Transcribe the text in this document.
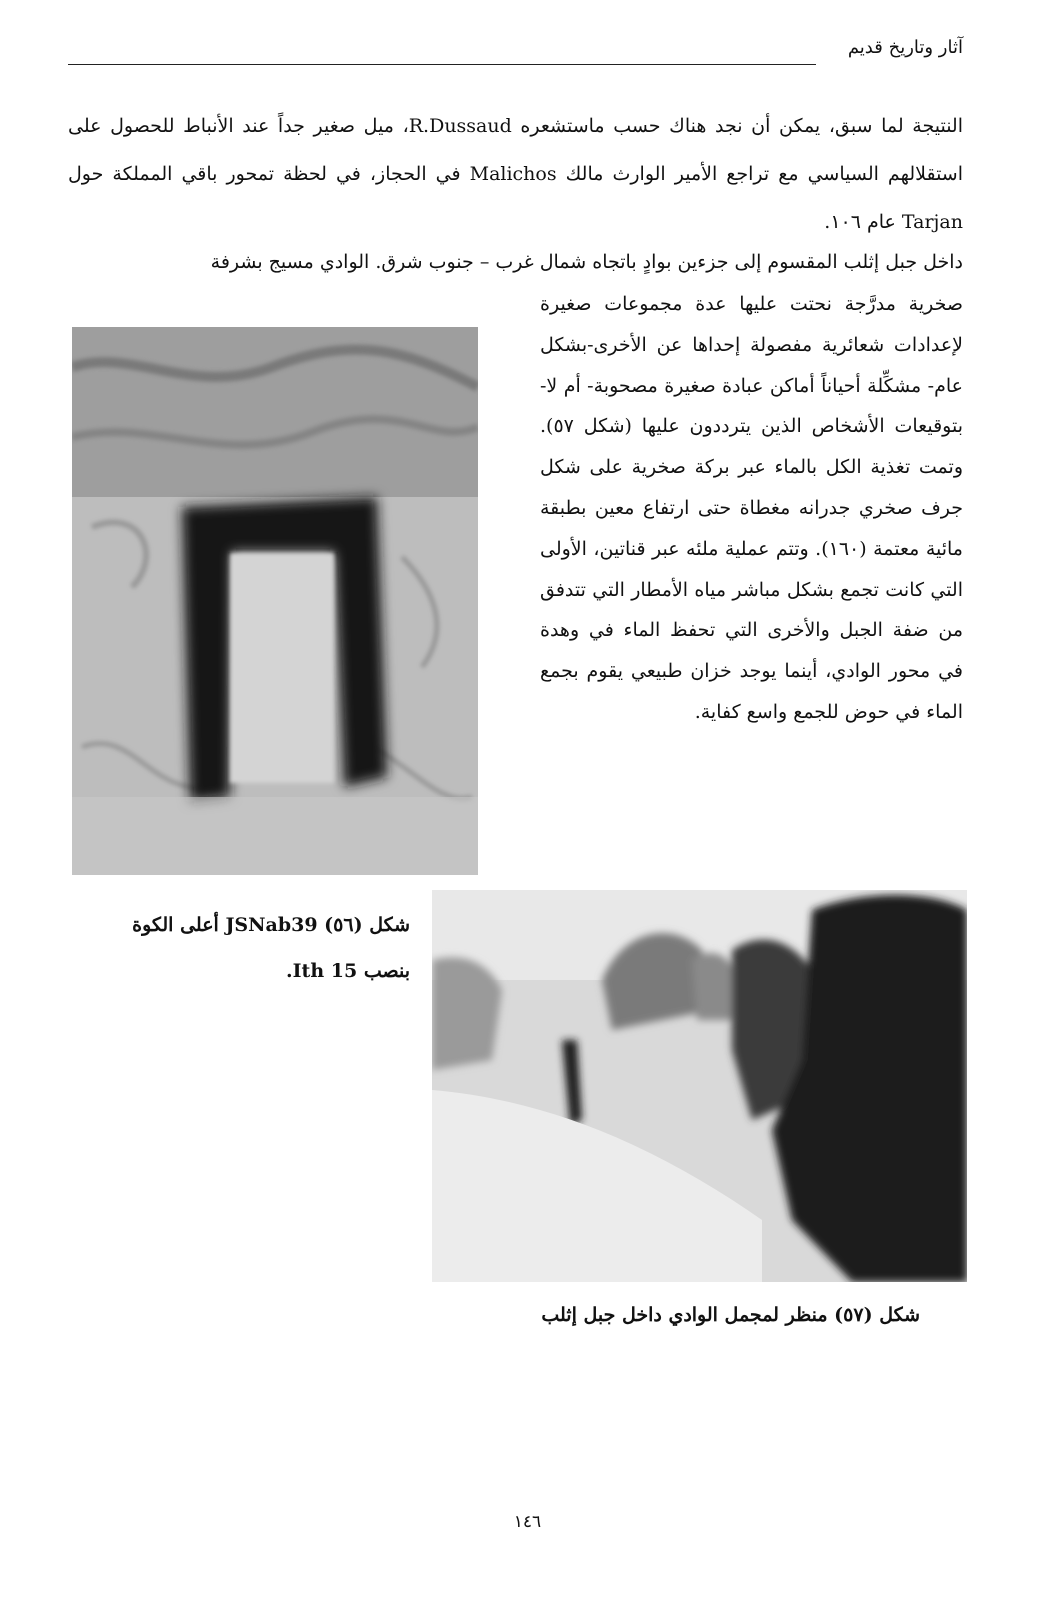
آثار وتاريخ قديم
النتيجة لما سبق، يمكن أن نجد هناك حسب ماستشعره R.Dussaud، ميل صغير جداً عند الأنباط للحصول على استقلالهم السياسي مع تراجع الأمير الوارث مالك Malichos في الحجاز، في لحظة تمحور باقي المملكة حول Tarjan عام ١٠٦.
داخل جبل إثلب المقسوم إلى جزءين بوادٍ باتجاه شمال غرب – جنوب شرق. الوادي مسيج بشرفة
صخرية مدرَّجة نحتت عليها عدة مجموعات صغيرة لإعدادات شعائرية مفصولة إحداها عن الأخرى-بشكل عام- مشكِّلة أحياناً أماكن عبادة صغيرة مصحوبة- أم لا- بتوقيعات الأشخاص الذين يترددون عليها (شكل ٥٧). وتمت تغذية الكل بالماء عبر بركة صخرية على شكل جرف صخري جدرانه مغطاة حتى ارتفاع معين بطبقة مائية معتمة (١٦٠). وتتم عملية ملئه عبر قناتين، الأولى التي كانت تجمع بشكل مباشر مياه الأمطار التي تتدفق من ضفة الجبل والأخرى التي تحفظ الماء في وهدة في محور الوادي، أينما يوجد خزان طبيعي يقوم بجمع الماء في حوض للجمع واسع كفاية.
شكل (٥٦) JSNab39 أعلى الكوة
بنصب Ith 15.
شكل (٥٧) منظر لمجمل الوادي داخل جبل إثلب
١٤٦
